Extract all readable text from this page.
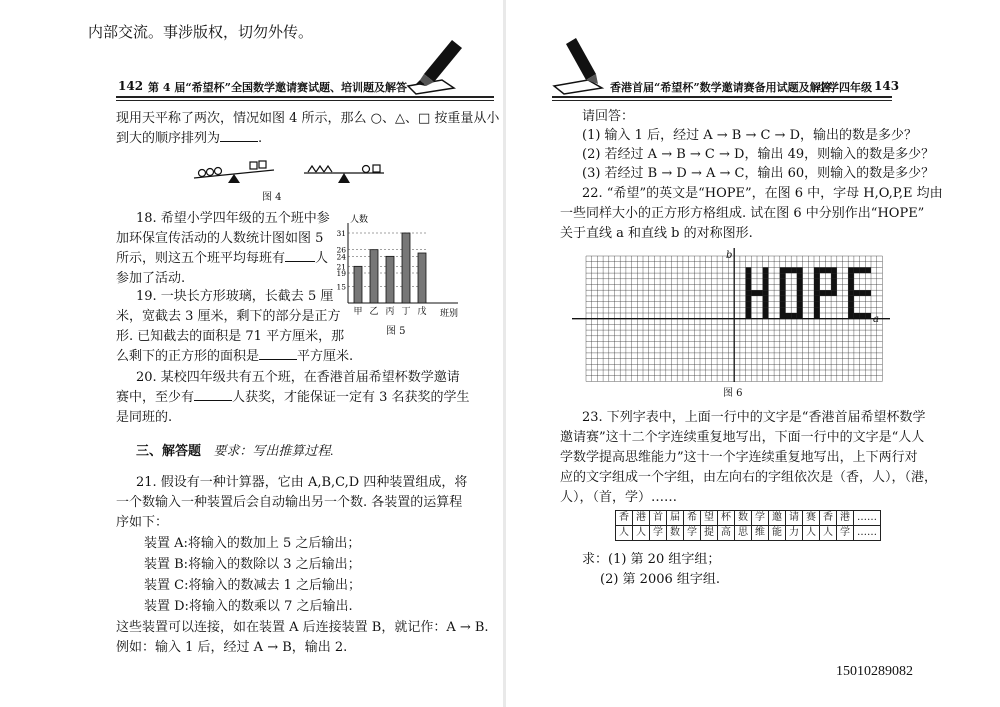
内部交流。事涉版权，切勿外传。
15010289082
142 第 4 届“希望杯”全国数学邀请赛试题、培训题及解答	香港首届“希望杯”数学邀请赛备用试题及解答
小学四年级 143
现用天平称了两次，情况如图 4 所示，那么 ○、△、□ 按重量从小
到大的顺序排列为	.
图 4
18. 希望小学四年级的五个班中参
加环保宣传活动的人数统计图如图 5
所示，则这五个班平均每班有 人
参加了活动.
人数
班别
15
19
21
24
26
31
甲 乙 丙 丁 戊
图 5
19. 一块长方形玻璃，长截去 5 厘
米，宽截去 3 厘米，剩下的部分是正方
形. 已知截去的面积是 71 平方厘米，那
么剩下的正方形的面积是	平方厘米.
20. 某校四年级共有五个班，在香港首届希望杯数学邀请
赛中，至少有	人获奖，才能保证一定有 3 名获奖的学生
是同班的.
三、解答题 要求：写出推算过程.
21. 假设有一种计算器，它由 A,B,C,D 四种装置组成，将
一个数输入一种装置后会自动输出另一个数. 各装置的运算程
序如下：
装置 A:将输入的数加上 5 之后输出；
装置 B:将输入的数除以 3 之后输出；
装置 C:将输入的数减去 1 之后输出；
装置 D:将输入的数乘以 7 之后输出.
这些装置可以连接，如在装置 A 后连接装置 B，就记作：A → B.
例如：输入 1 后，经过 A → B，输出 2.
请回答：
(1) 输入 1 后，经过 A → B → C → D，输出的数是多少？
(2) 若经过 A → B → C → D，输出 49，则输入的数是多少？
(3) 若经过 B → D → A → C，输出 60，则输入的数是多少？
22. “希望”的英文是“HOPE”，在图 6 中，字母 H,O,P,E 均由
一些同样大小的正方形方格组成. 试在图 6 中分别作出“HOPE”
关于直线 a 和直线 b 的对称图形.
b
a
图 6
23. 下列字表中，上面一行中的文字是“香港首届希望杯数学
邀请赛”这十二个字连续重复地写出，下面一行中的文字是“人人
学数学提高思维能力”这十一个字连续重复地写出，上下两行对
应的文字组成一个字组，由左向右的字组依次是（香，人），（港，
人），（首，学）……
香	港	首	届	希	望	杯	数	学	邀	请	赛	香	港	……
人	人	学	数	学	提	高	思	维	能	力	人	人	学	……
求：(1) 第 20 组字组；
(2) 第 2006 组字组.
